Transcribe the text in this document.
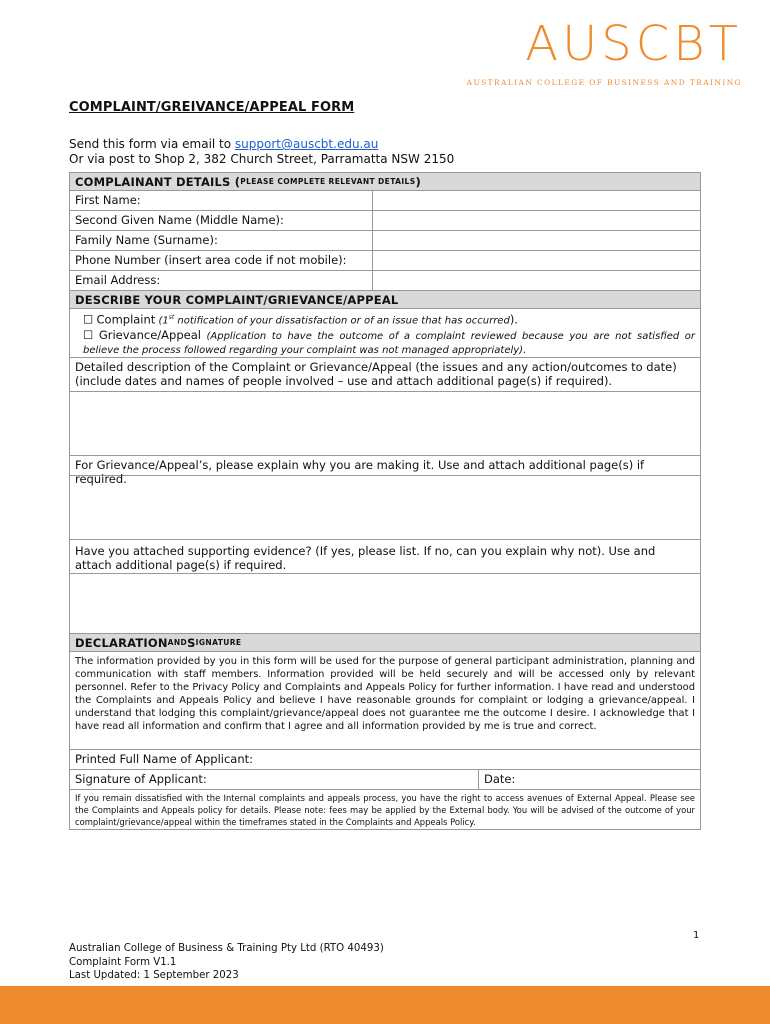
AUSCBT
AUSTRALIAN COLLEGE OF BUSINESS AND TRAINING
COMPLAINT/GREIVANCE/APPEAL FORM
Send this form via email to support@auscbt.edu.au
Or via post to Shop 2, 382 Church Street, Parramatta NSW 2150
COMPLAINANT DETAILS ( PLEASE COMPLETE RELEVANT DETAILS )
First Name:
Second Given Name (Middle Name):
Family Name (Surname):
Phone Number (insert area code if not mobile):
Email Address:
DESCRIBE YOUR COMPLAINT/GRIEVANCE/APPEAL
☐ Complaint (1st notification of your dissatisfaction or of an issue that has occurred).
☐ Grievance/Appeal (Application to have the outcome of a complaint reviewed because you are not satisfied or believe the process followed regarding your complaint was not managed appropriately).
Detailed description of the Complaint or Grievance/Appeal (the issues and any action/outcomes to date) (include dates and names of people involved – use and attach additional page(s) if required).
For Grievance/Appeal’s, please explain why you are making it. Use and attach additional page(s) if required.
Have you attached supporting evidence? (If yes, please list. If no, can you explain why not). Use and attach additional page(s) if required.
DECLARATION AND S IGNATURE
The information provided by you in this form will be used for the purpose of general participant administration, planning and communication with staff members. Information provided will be held securely and will be accessed only by relevant personnel. Refer to the Privacy Policy and Complaints and Appeals Policy for further information. I have read and understood the Complaints and Appeals Policy and believe I have reasonable grounds for complaint or lodging a grievance/appeal. I understand that lodging this complaint/grievance/appeal does not guarantee me the outcome I desire. I acknowledge that I have read all information and confirm that I agree and all information provided by me is true and correct.
Printed Full Name of Applicant:
Signature of Applicant:	Date:
If you remain dissatisfied with the Internal complaints and appeals process, you have the right to access avenues of External Appeal. Please see the Complaints and Appeals policy for details. Please note: fees may be applied by the External body. You will be advised of the outcome of your complaint/grievance/appeal within the timeframes stated in the Complaints and Appeals Policy.
1
Australian College of Business & Training Pty Ltd (RTO 40493)
Complaint Form V1.1
Last Updated: 1 September 2023
